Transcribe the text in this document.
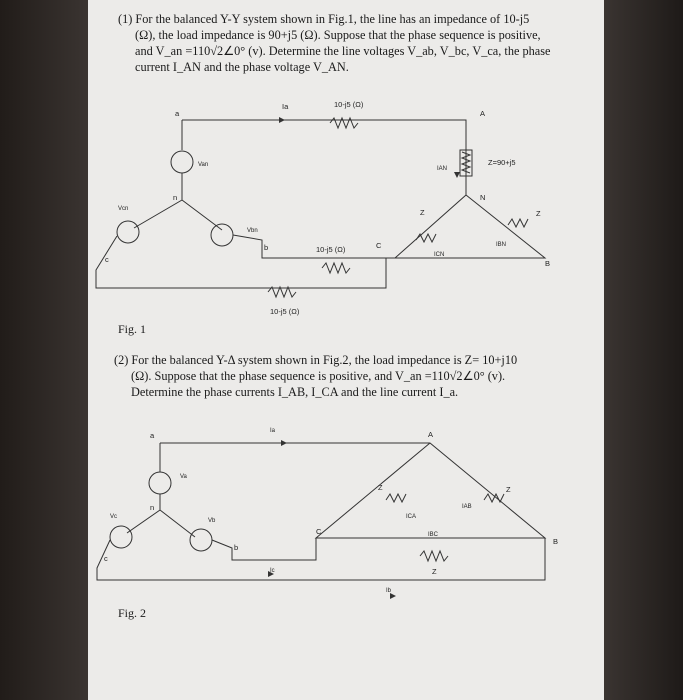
(1) For the balanced Y-Y system shown in Fig.1, the line has an impedance of 10-j5
(Ω), the load impedance is 90+j5 (Ω). Suppose that the phase sequence is positive,
and V_an =110√2∠0° (v). Determine the line voltages V_ab, V_bc, V_ca, the phase
current I_AN and the phase voltage V_AN.
a	A
10-j5 (Ω)
Ia
Van
Vcn
Vbn
n
b
c
C
10-j5 (Ω)
10-j5 (Ω)
Z=90+j5
IAN
N
Z	Z
ICN
IBN
B
Fig. 1
(2) For the balanced Y-Δ system shown in Fig.2, the load impedance is Z= 10+j10
(Ω). Suppose that the phase sequence is positive, and V_an =110√2∠0° (v).
Determine the phase currents I_AB, I_CA and the line current I_a.
a	A
Ia
Va
Vc
Vb
n
b
c
C
B
Ic
Ib
IAB
ICA
IBC
Z	Z
Z
Fig. 2
